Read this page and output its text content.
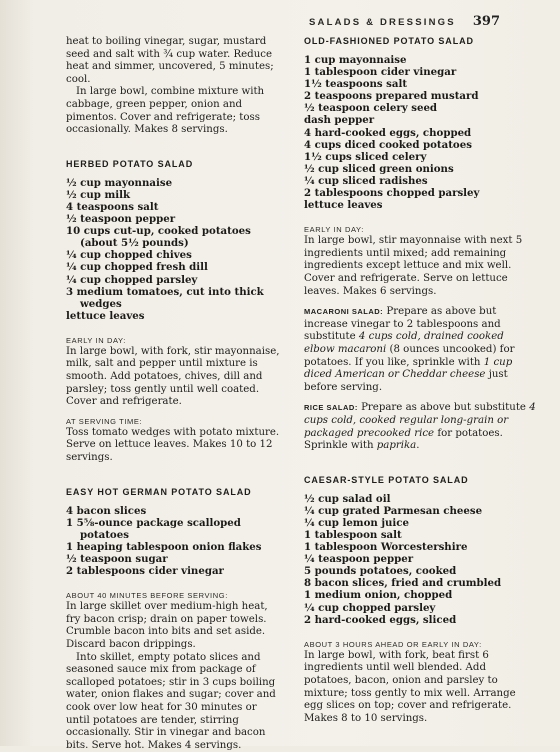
SALADS & DRESSINGS 397

heat to boiling vinegar, sugar, mustard seed and salt with ¾ cup water. Reduce heat and simmer, uncovered, 5 minutes; cool.

In large bowl, combine mixture with cabbage, green pepper, onion and pimentos. Cover and refrigerate; toss occasionally. Makes 8 servings.

HERBED POTATO SALAD
½ cup mayonnaise
½ cup milk
4 teaspoons salt
½ teaspoon pepper
10 cups cut-up, cooked potatoes (about 5½ pounds)
¼ cup chopped chives
¼ cup chopped fresh dill
¼ cup chopped parsley
3 medium tomatoes, cut into thick wedges
lettuce leaves
EARLY IN DAY:

In large bowl, with fork, stir mayonnaise, milk, salt and pepper until mixture is smooth. Add potatoes, chives, dill and parsley; toss gently until well coated. Cover and refrigerate.

AT SERVING TIME:

Toss tomato wedges with potato mixture. Serve on lettuce leaves. Makes 10 to 12 servings.

EASY HOT GERMAN POTATO SALAD
4 bacon slices
1 5⅝-ounce package scalloped potatoes
1 heaping tablespoon onion flakes
½ teaspoon sugar
2 tablespoons cider vinegar
ABOUT 40 MINUTES BEFORE SERVING:

In large skillet over medium-high heat, fry bacon crisp; drain on paper towels. Crumble bacon into bits and set aside. Discard bacon drippings.

Into skillet, empty potato slices and seasoned sauce mix from package of scalloped potatoes; stir in 3 cups boiling water, onion flakes and sugar; cover and cook over low heat for 30 minutes or until potatoes are tender, stirring occasionally. Stir in vinegar and bacon bits. Serve hot. Makes 4 servings.

OLD-FASHIONED POTATO SALAD
1 cup mayonnaise
1 tablespoon cider vinegar
1½ teaspoons salt
2 teaspoons prepared mustard
½ teaspoon celery seed
dash pepper
4 hard-cooked eggs, chopped
4 cups diced cooked potatoes
1½ cups sliced celery
½ cup sliced green onions
¼ cup sliced radishes
2 tablespoons chopped parsley
lettuce leaves
EARLY IN DAY:

In large bowl, stir mayonnaise with next 5 ingredients until mixed; add remaining ingredients except lettuce and mix well. Cover and refrigerate. Serve on lettuce leaves. Makes 6 servings.

MACARONI SALAD: Prepare as above but increase vinegar to 2 tablespoons and substitute 4 cups cold, drained cooked elbow macaroni (8 ounces uncooked) for potatoes. If you like, sprinkle with 1 cup diced American or Cheddar cheese just before serving.

RICE SALAD: Prepare as above but substitute 4 cups cold, cooked regular long-grain or packaged precooked rice for potatoes. Sprinkle with paprika.

CAESAR-STYLE POTATO SALAD
½ cup salad oil
¼ cup grated Parmesan cheese
¼ cup lemon juice
1 tablespoon salt
1 tablespoon Worcestershire
¼ teaspoon pepper
5 pounds potatoes, cooked
8 bacon slices, fried and crumbled
1 medium onion, chopped
¼ cup chopped parsley
2 hard-cooked eggs, sliced
ABOUT 3 HOURS AHEAD OR EARLY IN DAY:

In large bowl, with fork, beat first 6 ingredients until well blended. Add potatoes, bacon, onion and parsley to mixture; toss gently to mix well. Arrange egg slices on top; cover and refrigerate. Makes 8 to 10 servings.
